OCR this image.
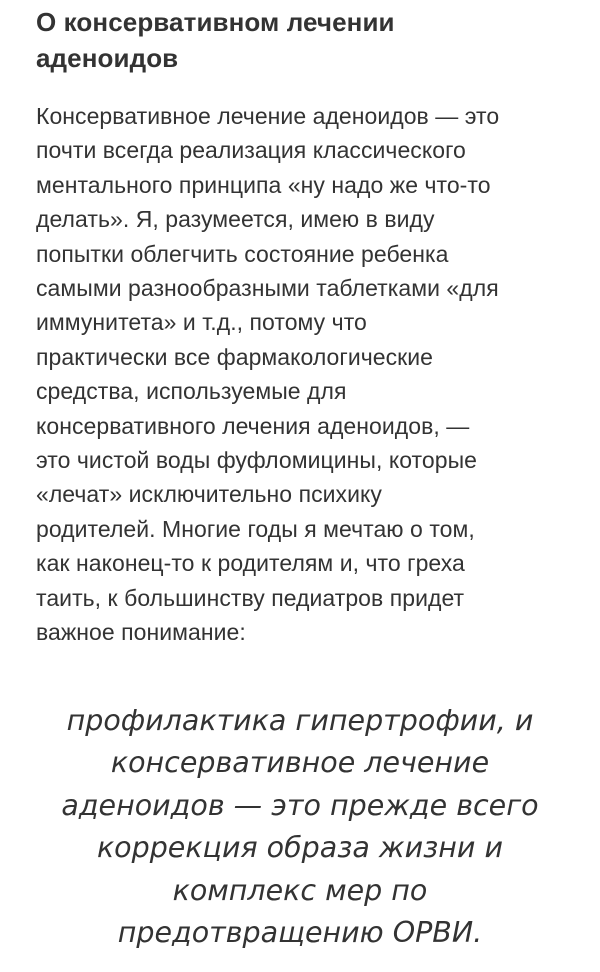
О консервативном лечении
аденоидов

Консервативное лечение аденоидов — это
почти всегда реализация классического
ментального принципа «ну надо же что-то
делать». Я, разумеется, имею в виду
попытки облегчить состояние ребенка
самыми разнообразными таблетками «для
иммунитета» и т.д., потому что
практически все фармакологические
средства, используемые для
консервативного лечения аденоидов, —
это чистой воды фуфломицины, которые
«лечат» исключительно психику
родителей. Многие годы я мечтаю о том,
как наконец-то к родителям и, что греха
таить, к большинству педиатров придет
важное понимание:

профилактика гипертрофии, и
консервативное лечение
аденоидов — это прежде всего
коррекция образа жизни и
комплекс мер по
предотвращению ОРВИ.
